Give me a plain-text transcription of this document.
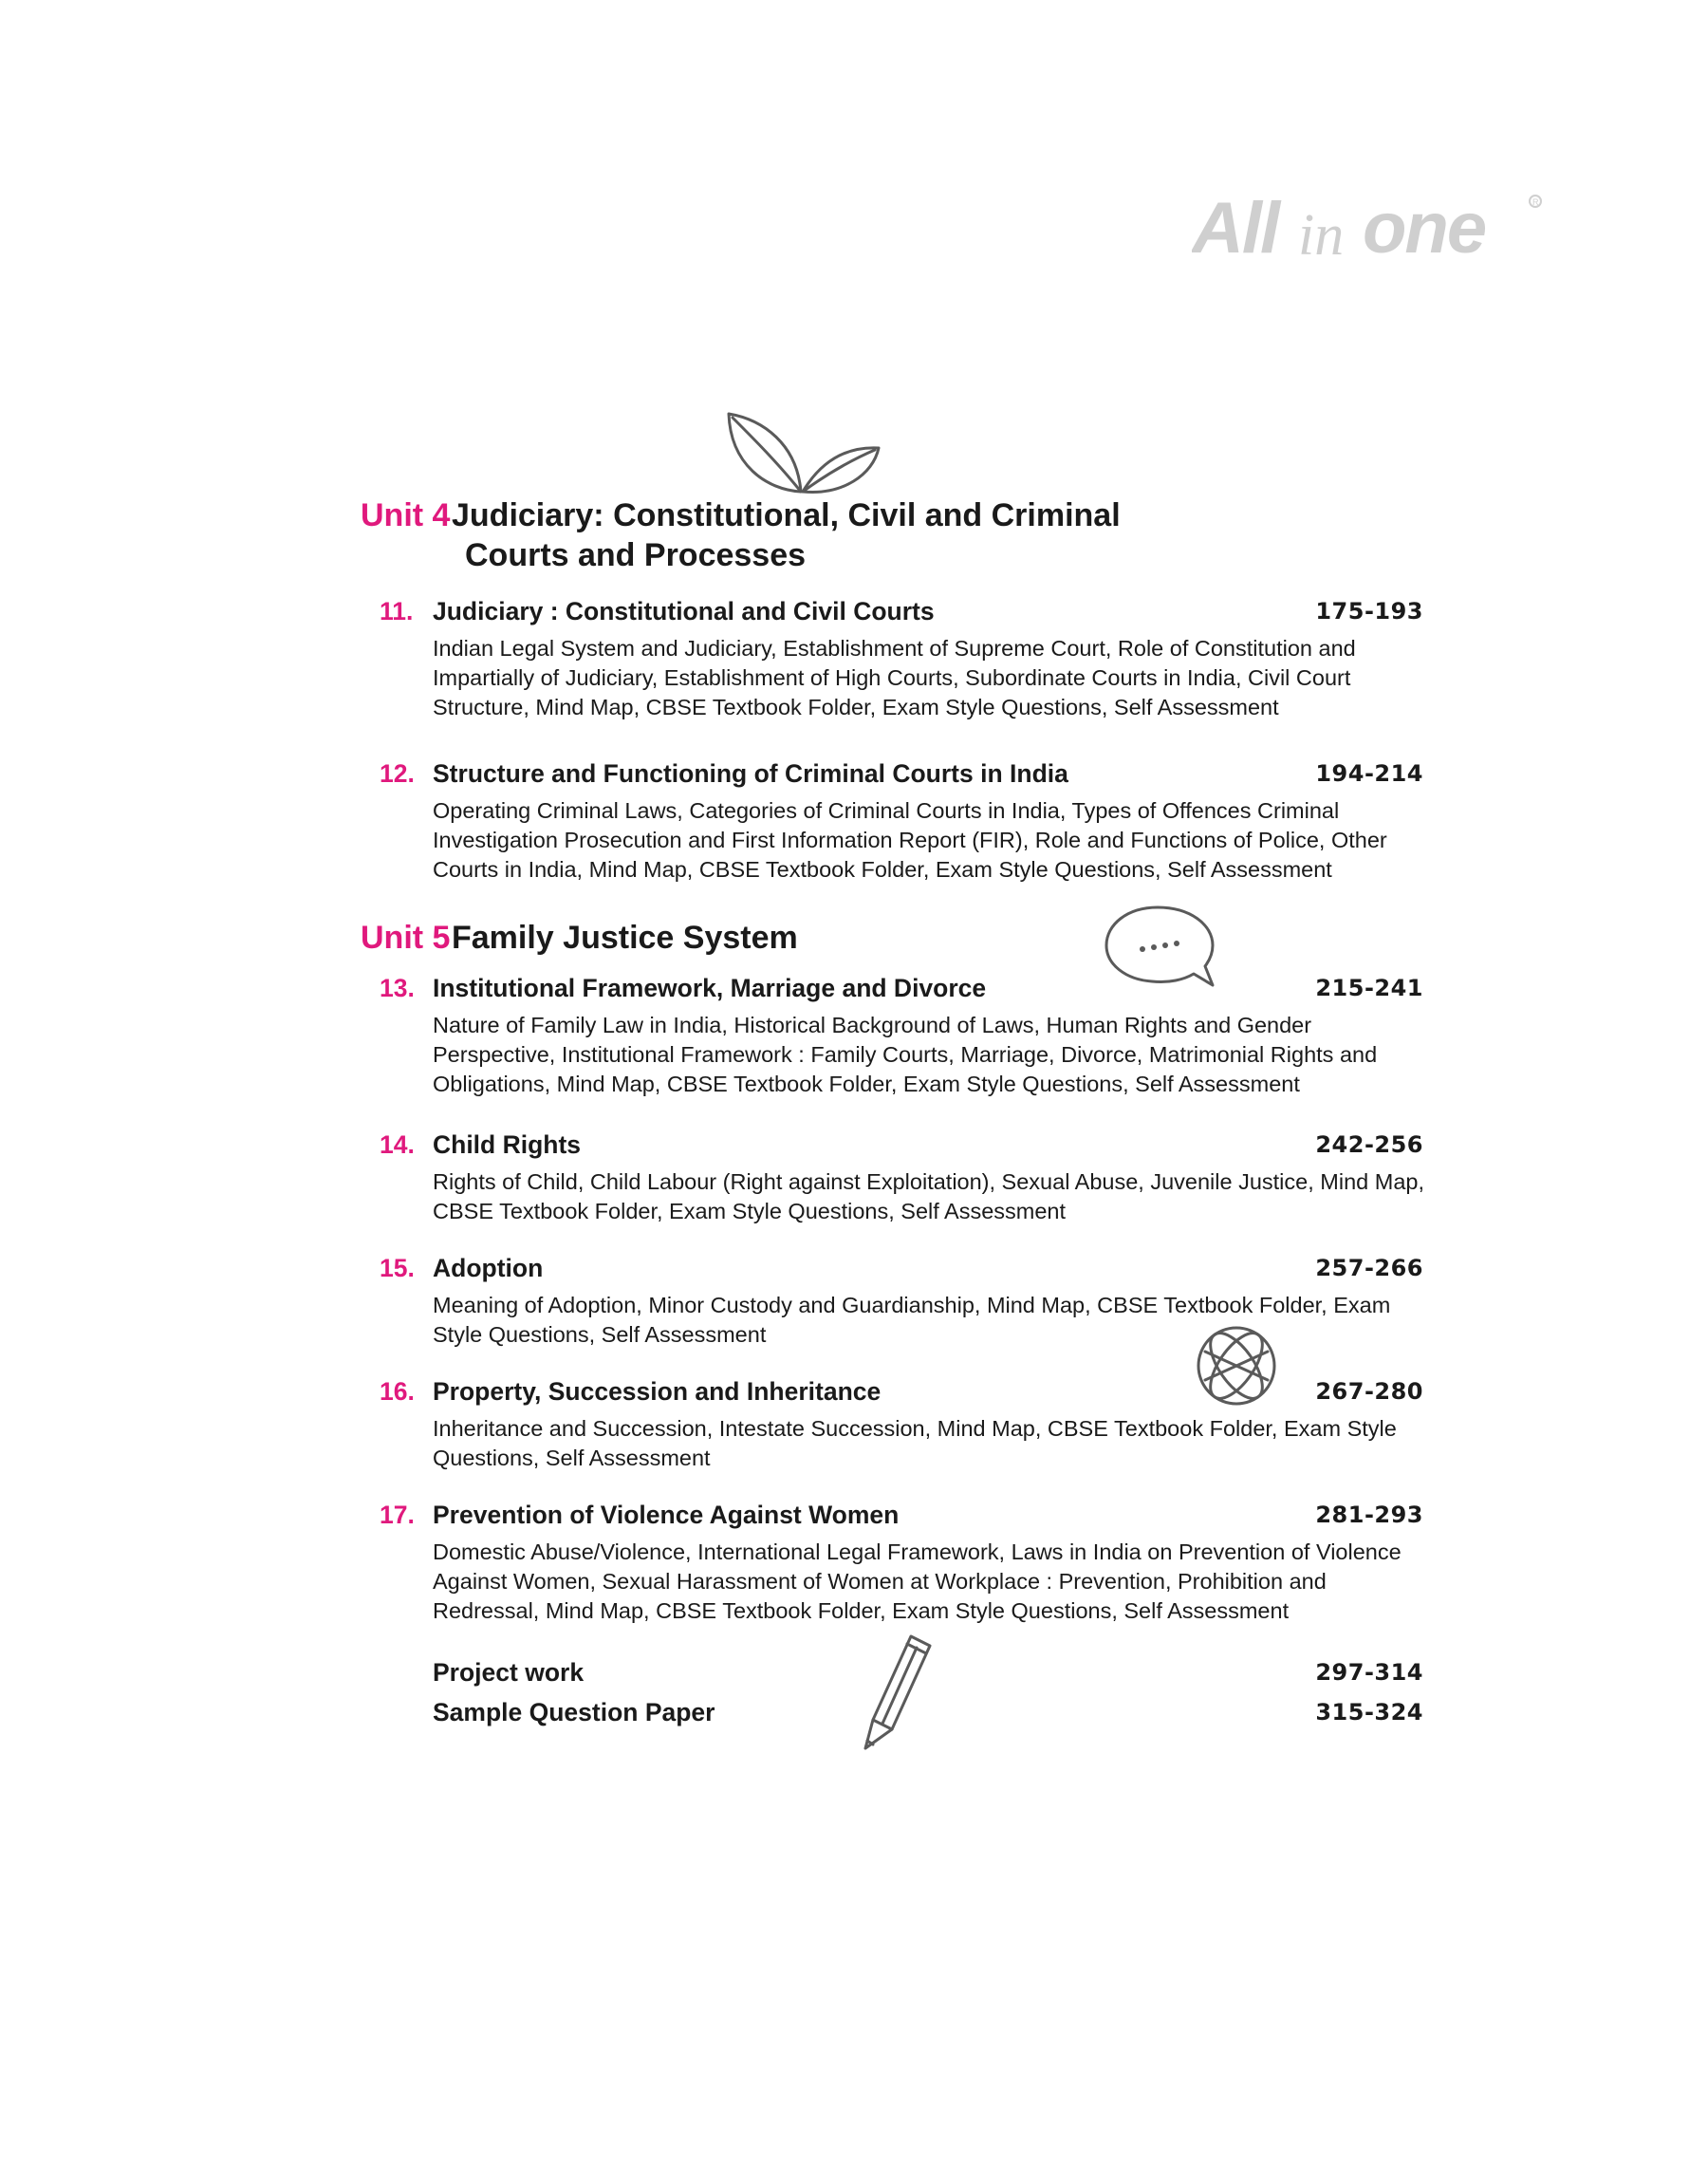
All in one	R
Unit 4Judiciary: Constitutional, Civil and Criminal
Courts and Processes
11. Judiciary : Constitutional and Civil Courts	175-193
Indian Legal System and Judiciary, Establishment of Supreme Court, Role of Constitution and Impartially of Judiciary, Establishment of High Courts, Subordinate Courts in India, Civil Court Structure, Mind Map, CBSE Textbook Folder, Exam Style Questions, Self Assessment
12. Structure and Functioning of Criminal Courts in India	194-214
Operating Criminal Laws, Categories of Criminal Courts in India, Types of Offences Criminal Investigation Prosecution and First Information Report (FIR), Role and Functions of Police, Other Courts in India, Mind Map, CBSE Textbook Folder, Exam Style Questions, Self Assessment
Unit 5Family Justice System
13. Institutional Framework, Marriage and Divorce	215-241
Nature of Family Law in India, Historical Background of Laws, Human Rights and Gender Perspective, Institutional Framework : Family Courts, Marriage, Divorce, Matrimonial Rights and Obligations, Mind Map, CBSE Textbook Folder, Exam Style Questions, Self Assessment
14. Child Rights	242-256
Rights of Child, Child Labour (Right against Exploitation), Sexual Abuse, Juvenile Justice, Mind Map, CBSE Textbook Folder, Exam Style Questions, Self Assessment
15. Adoption	257-266
Meaning of Adoption, Minor Custody and Guardianship, Mind Map, CBSE Textbook Folder, Exam Style Questions, Self Assessment
16. Property, Succession and Inheritance	267-280
Inheritance and Succession, Intestate Succession, Mind Map, CBSE Textbook Folder, Exam Style Questions, Self Assessment
17. Prevention of Violence Against Women	281-293
Domestic Abuse/Violence, International Legal Framework, Laws in India on Prevention of Violence Against Women, Sexual Harassment of Women at Workplace : Prevention, Prohibition and Redressal, Mind Map, CBSE Textbook Folder, Exam Style Questions, Self Assessment
Project work	297-314
Sample Question Paper	315-324
